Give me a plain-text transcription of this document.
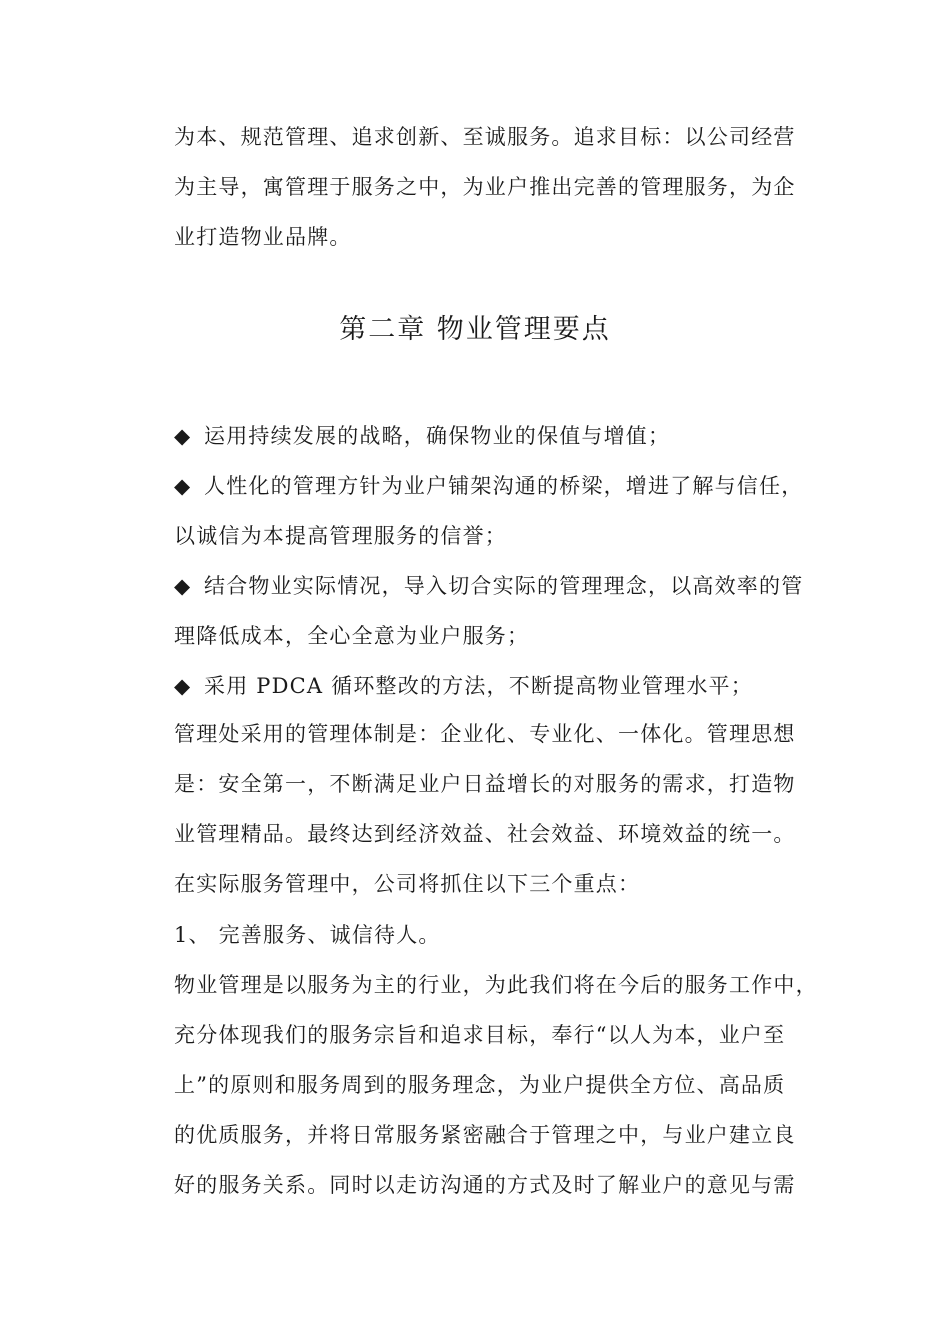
为本、规范管理、追求创新、至诚服务。追求目标：以公司经营
为主导，寓管理于服务之中，为业户推出完善的管理服务，为企
业打造物业品牌。
第二章 物业管理要点
◆ 运用持续发展的战略，确保物业的保值与增值；
◆ 人性化的管理方针为业户铺架沟通的桥梁，增进了解与信任，
以诚信为本提高管理服务的信誉；
◆ 结合物业实际情况，导入切合实际的管理理念，以高效率的管
理降低成本，全心全意为业户服务；
◆ 采用 PDCA 循环整改的方法，不断提高物业管理水平；
管理处采用的管理体制是：企业化、专业化、一体化。管理思想
是：安全第一，不断满足业户日益增长的对服务的需求，打造物
业管理精品。最终达到经济效益、社会效益、环境效益的统一。
在实际服务管理中，公司将抓住以下三个重点：
1、 完善服务、诚信待人。
物业管理是以服务为主的行业，为此我们将在今后的服务工作中，
充分体现我们的服务宗旨和追求目标，奉行“以人为本，业户至
上”的原则和服务周到的服务理念，为业户提供全方位、高品质
的优质服务，并将日常服务紧密融合于管理之中，与业户建立良
好的服务关系。同时以走访沟通的方式及时了解业户的意见与需
